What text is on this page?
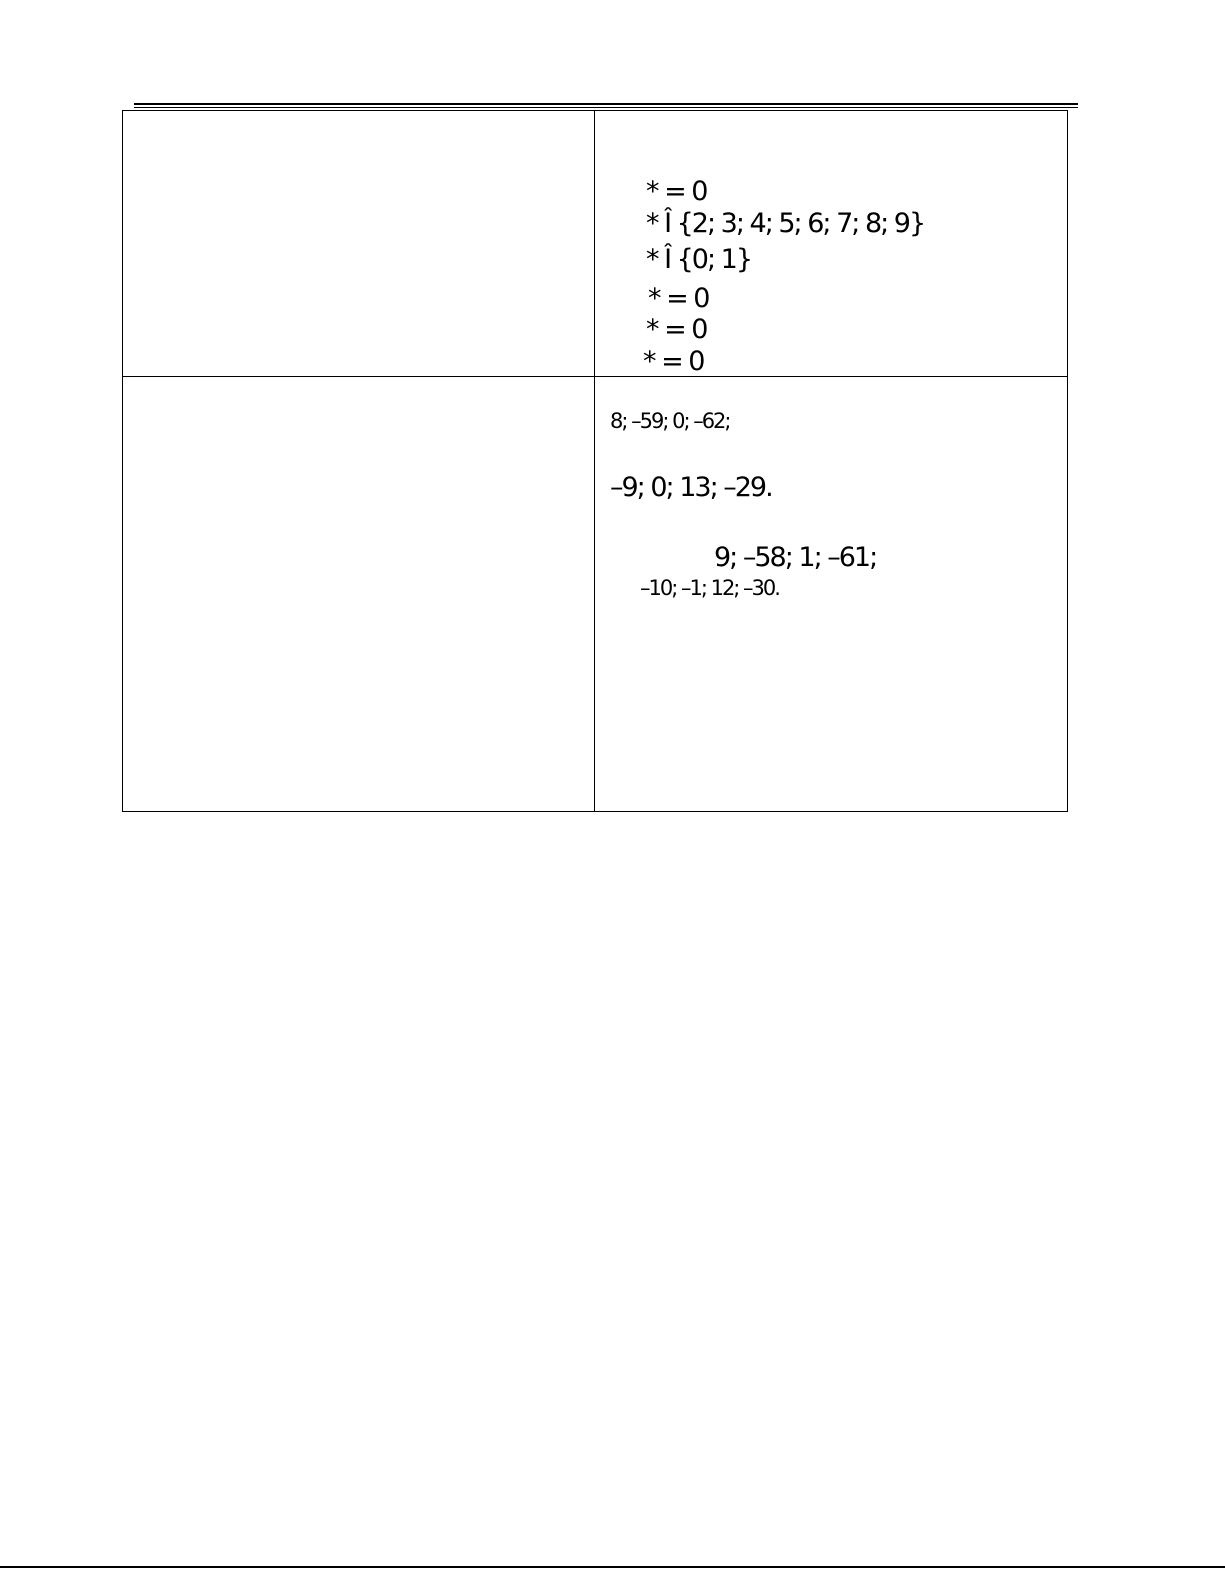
* = 0
* Î {2; 3; 4; 5; 6; 7; 8; 9}
* Î {0; 1}
* = 0
* = 0
* = 0
8; –59; 0; –62;
–9; 0; 13; –29.
9; –58; 1; –61;
–10; –1; 12; –30.
